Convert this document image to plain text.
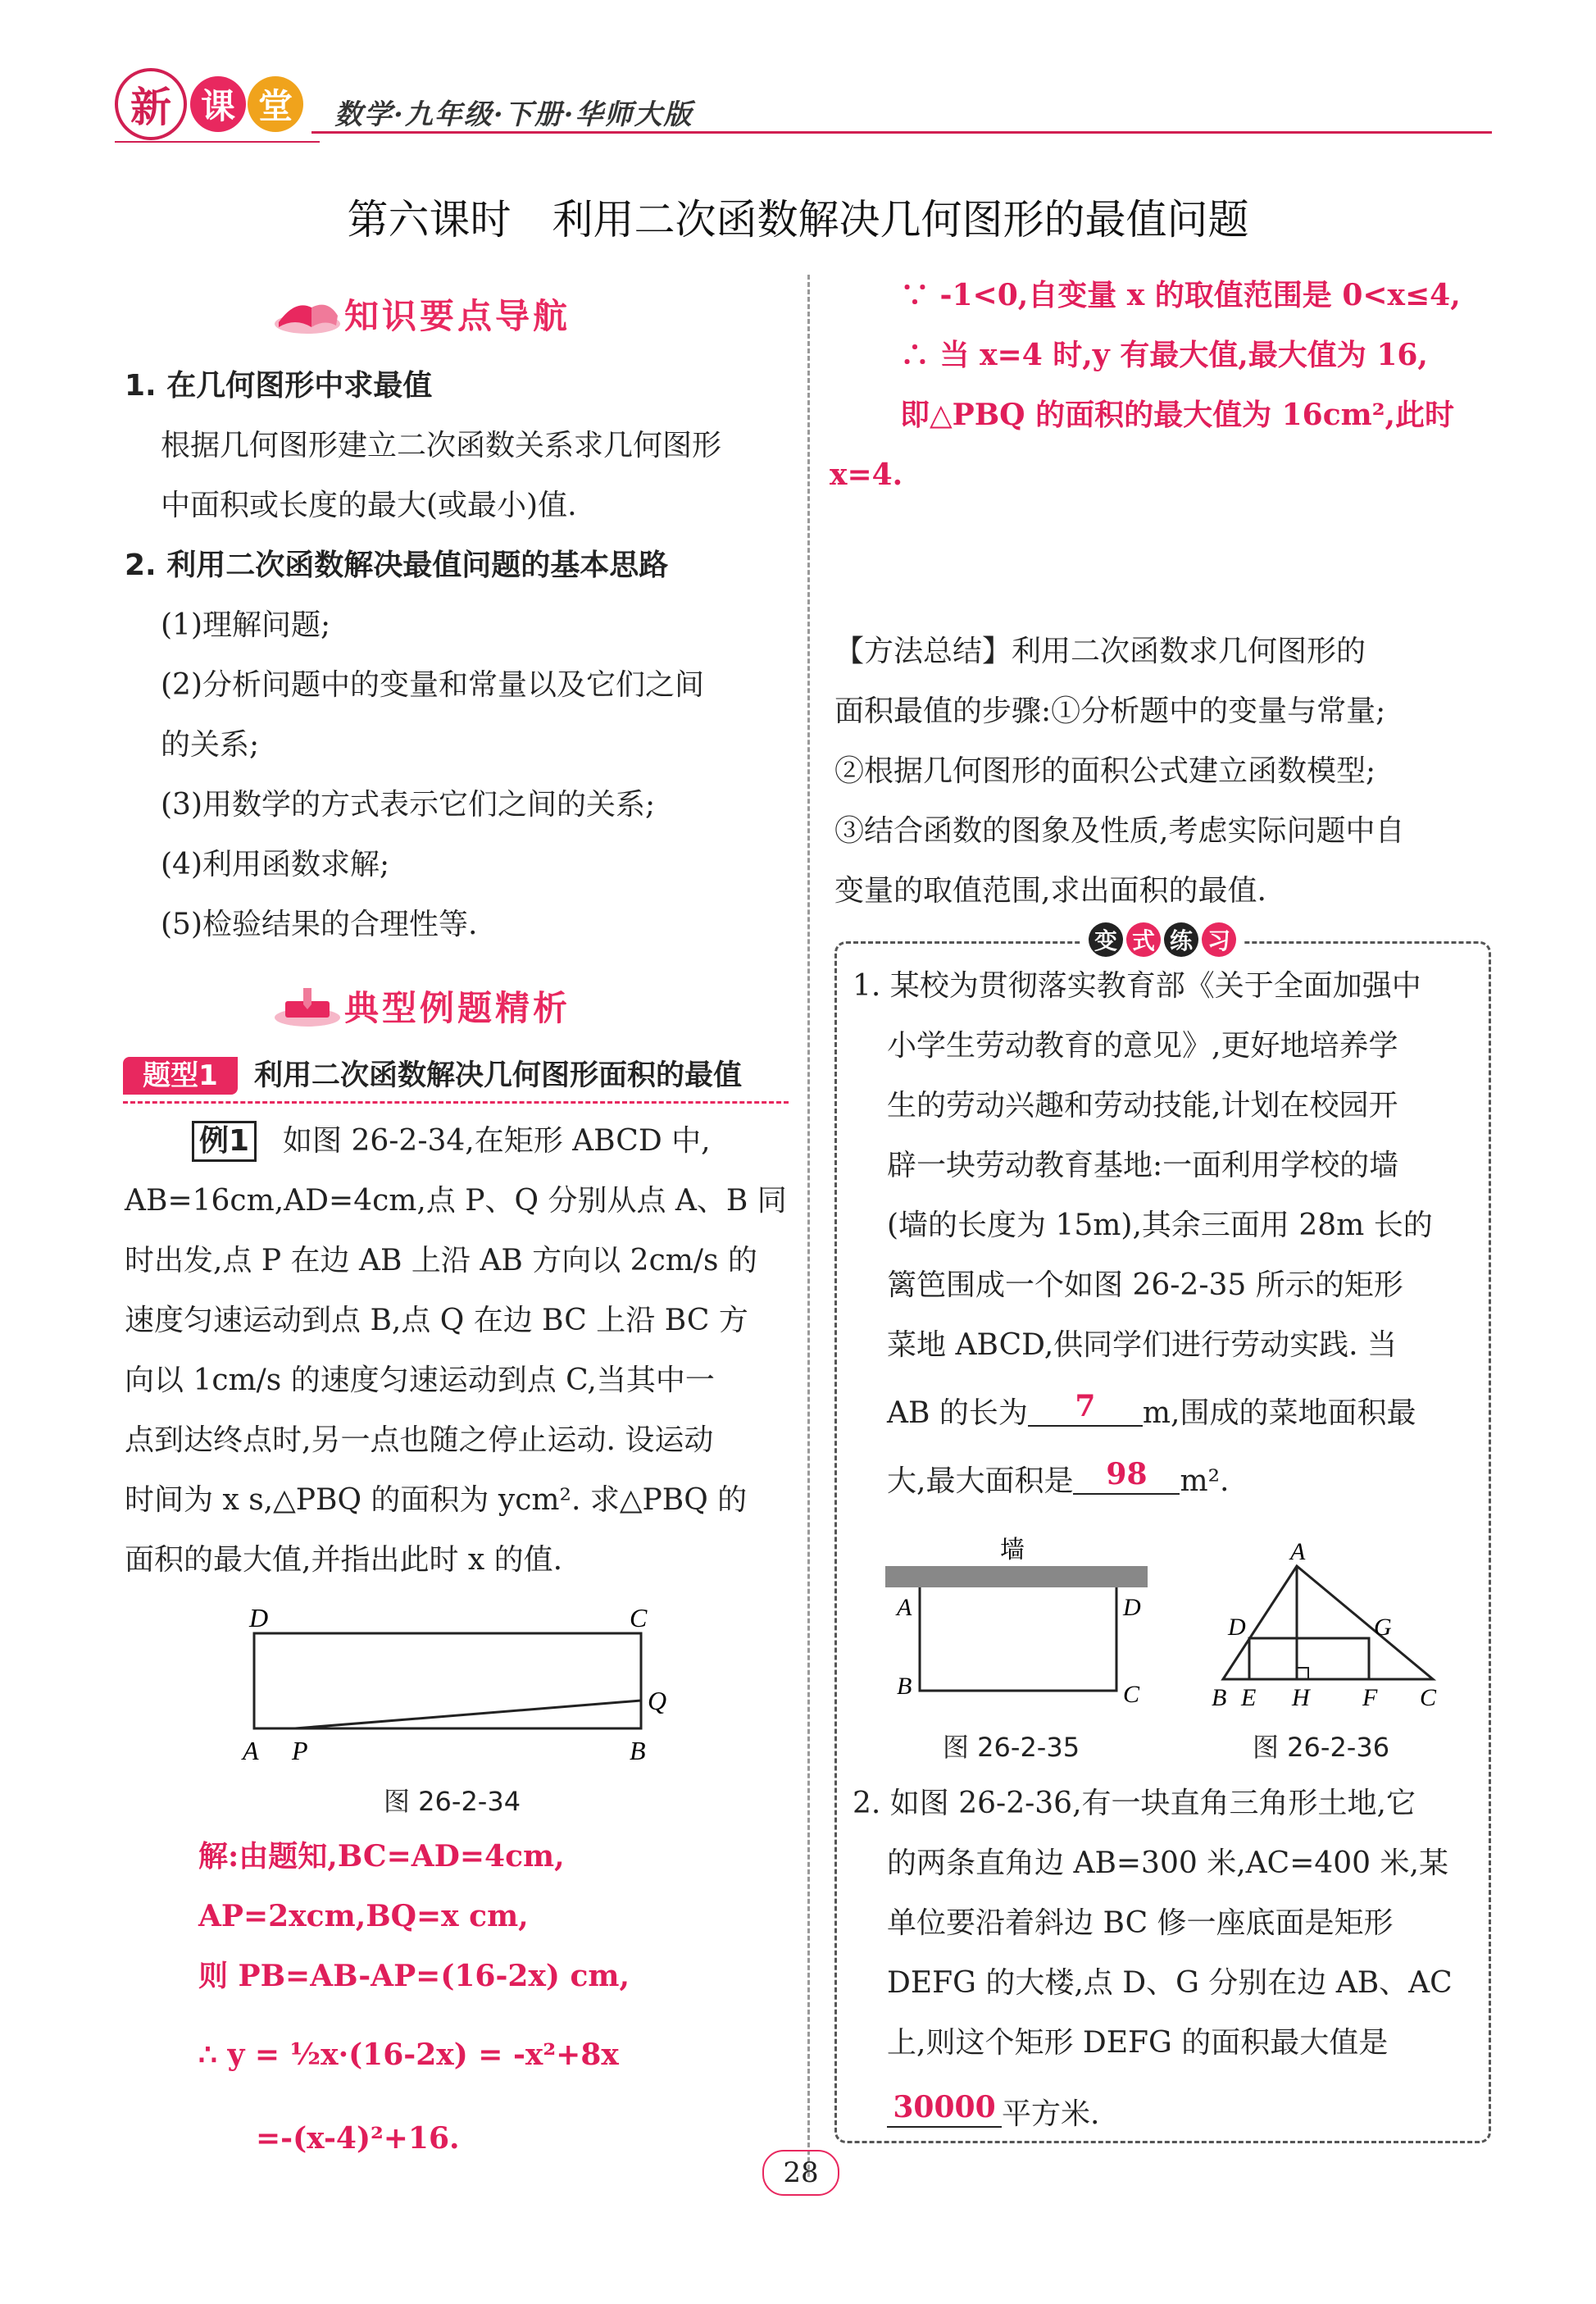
新 课 堂	数学·九年级·下册·华师大版
第六课时　利用二次函数解决几何图形的最值问题
知识要点导航
1. 在几何图形中求最值
根据几何图形建立二次函数关系求几何图形
中面积或长度的最大(或最小)值.
2. 利用二次函数解决最值问题的基本思路
(1)理解问题;
(2)分析问题中的变量和常量以及它们之间
的关系;
(3)用数学的方式表示它们之间的关系;
(4)利用函数求解;
(5)检验结果的合理性等.
典型例题精析
题型1	利用二次函数解决几何图形面积的最值
例1 如图 26-2-34,在矩形 ABCD 中,
AB=16cm,AD=4cm,点 P、Q 分别从点 A、B 同
时出发,点 P 在边 AB 上沿 AB 方向以 2cm/s 的
速度匀速运动到点 B,点 Q 在边 BC 上沿 BC 方
向以 1cm/s 的速度匀速运动到点 C,当其中一
点到达终点时,另一点也随之停止运动. 设运动
时间为 x s,△PBQ 的面积为 ycm². 求△PBQ 的
面积的最大值,并指出此时 x 的值.
D	C
Q
A P	B
图 26-2-34
解:由题知,BC=AD=4cm,
AP=2xcm,BQ=x cm,
则 PB=AB-AP=(16-2x) cm,
∴ y = ½x·(16-2x) = -x²+8x
=-(x-4)²+16.
∵ -1<0,自变量 x 的取值范围是 0<x≤4,
∴ 当 x=4 时,y 有最大值,最大值为 16,
即△PBQ 的面积的最大值为 16cm²,此时
x=4.
【方法总结】利用二次函数求几何图形的
面积最值的步骤:①分析题中的变量与常量;
②根据几何图形的面积公式建立函数模型;
③结合函数的图象及性质,考虑实际问题中自
变量的取值范围,求出面积的最值.
变 式 练 习
1. 某校为贯彻落实教育部《关于全面加强中
小学生劳动教育的意见》,更好地培养学
生的劳动兴趣和劳动技能,计划在校园开
辟一块劳动教育基地:一面利用学校的墙
(墙的长度为 15m),其余三面用 28m 长的
篱笆围成一个如图 26-2-35 所示的矩形
菜地 ABCD,供同学们进行劳动实践. 当
AB 的长为 7 m,围成的菜地面积最
大,最大面积是 98 m².
墙
A	D
B	C
图 26-2-35
A
D	G
B E H F C
图 26-2-36
2. 如图 26-2-36,有一块直角三角形土地,它
的两条直角边 AB=300 米,AC=400 米,某
单位要沿着斜边 BC 修一座底面是矩形
DEFG 的大楼,点 D、G 分别在边 AB、AC
上,则这个矩形 DEFG 的面积最大值是
30000 平方米.
28
